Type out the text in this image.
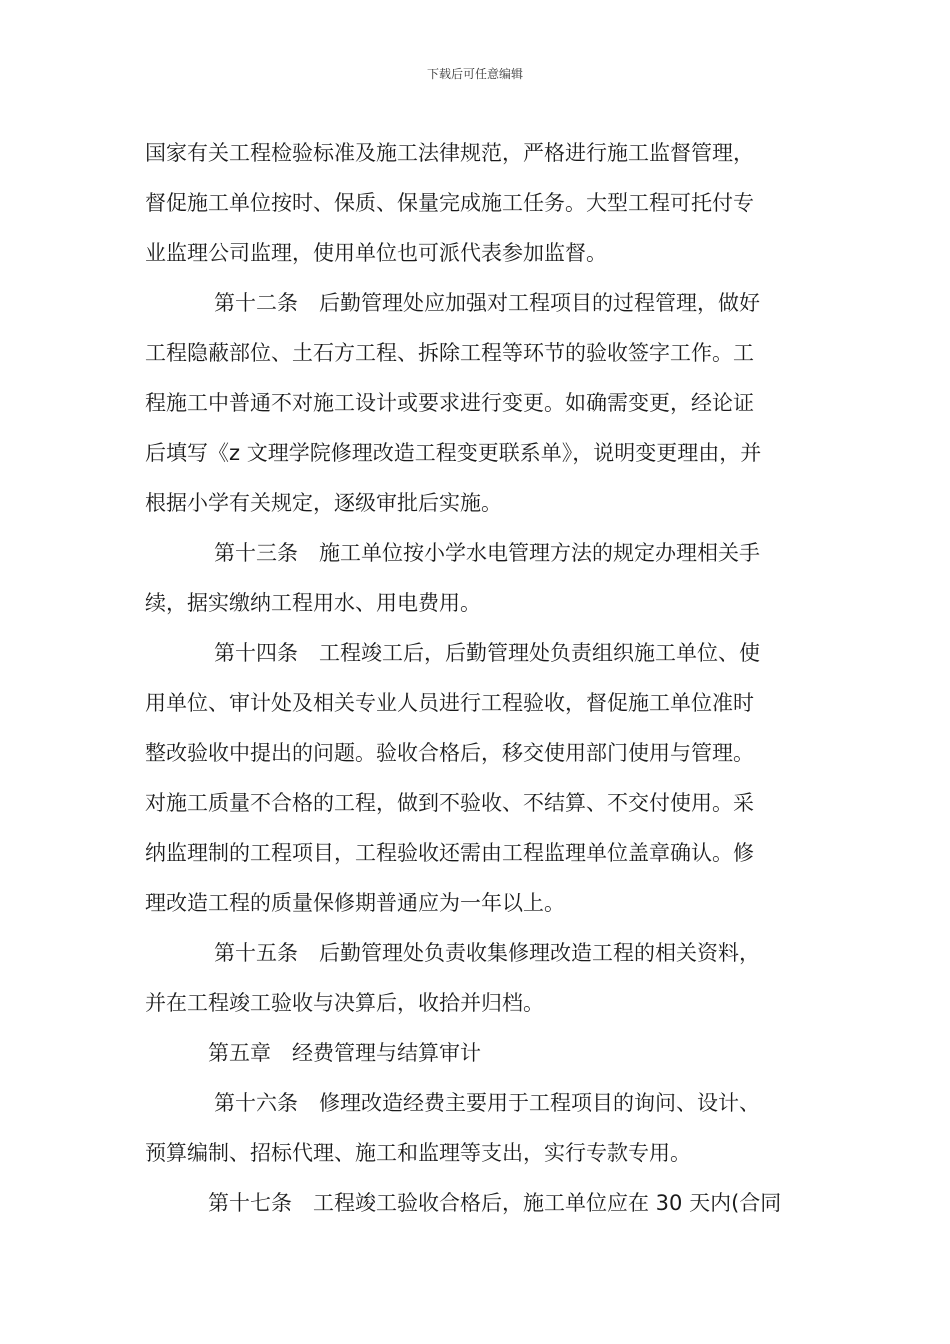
下载后可任意编辑

国家有关工程检验标准及施工法律规范，严格进行施工监督管理，
督促施工单位按时、保质、保量完成施工任务。大型工程可托付专
业监理公司监理，使用单位也可派代表参加监督。

第十二条　后勤管理处应加强对工程项目的过程管理，做好
工程隐蔽部位、土石方工程、拆除工程等环节的验收签字工作。工
程施工中普通不对施工设计或要求进行变更。如确需变更，经论证
后填写《z 文理学院修理改造工程变更联系单》，说明变更理由，并
根据小学有关规定，逐级审批后实施。

第十三条　施工单位按小学水电管理方法的规定办理相关手
续，据实缴纳工程用水、用电费用。

第十四条　工程竣工后，后勤管理处负责组织施工单位、使
用单位、审计处及相关专业人员进行工程验收，督促施工单位准时
整改验收中提出的问题。验收合格后，移交使用部门使用与管理。
对施工质量不合格的工程，做到不验收、不结算、不交付使用。采
纳监理制的工程项目，工程验收还需由工程监理单位盖章确认。修
理改造工程的质量保修期普通应为一年以上。

第十五条　后勤管理处负责收集修理改造工程的相关资料，
并在工程竣工验收与决算后，收拾并归档。

第五章　经费管理与结算审计

第十六条　修理改造经费主要用于工程项目的询问、设计、
预算编制、招标代理、施工和监理等支出，实行专款专用。

第十七条　工程竣工验收合格后，施工单位应在 30 天内(合同
